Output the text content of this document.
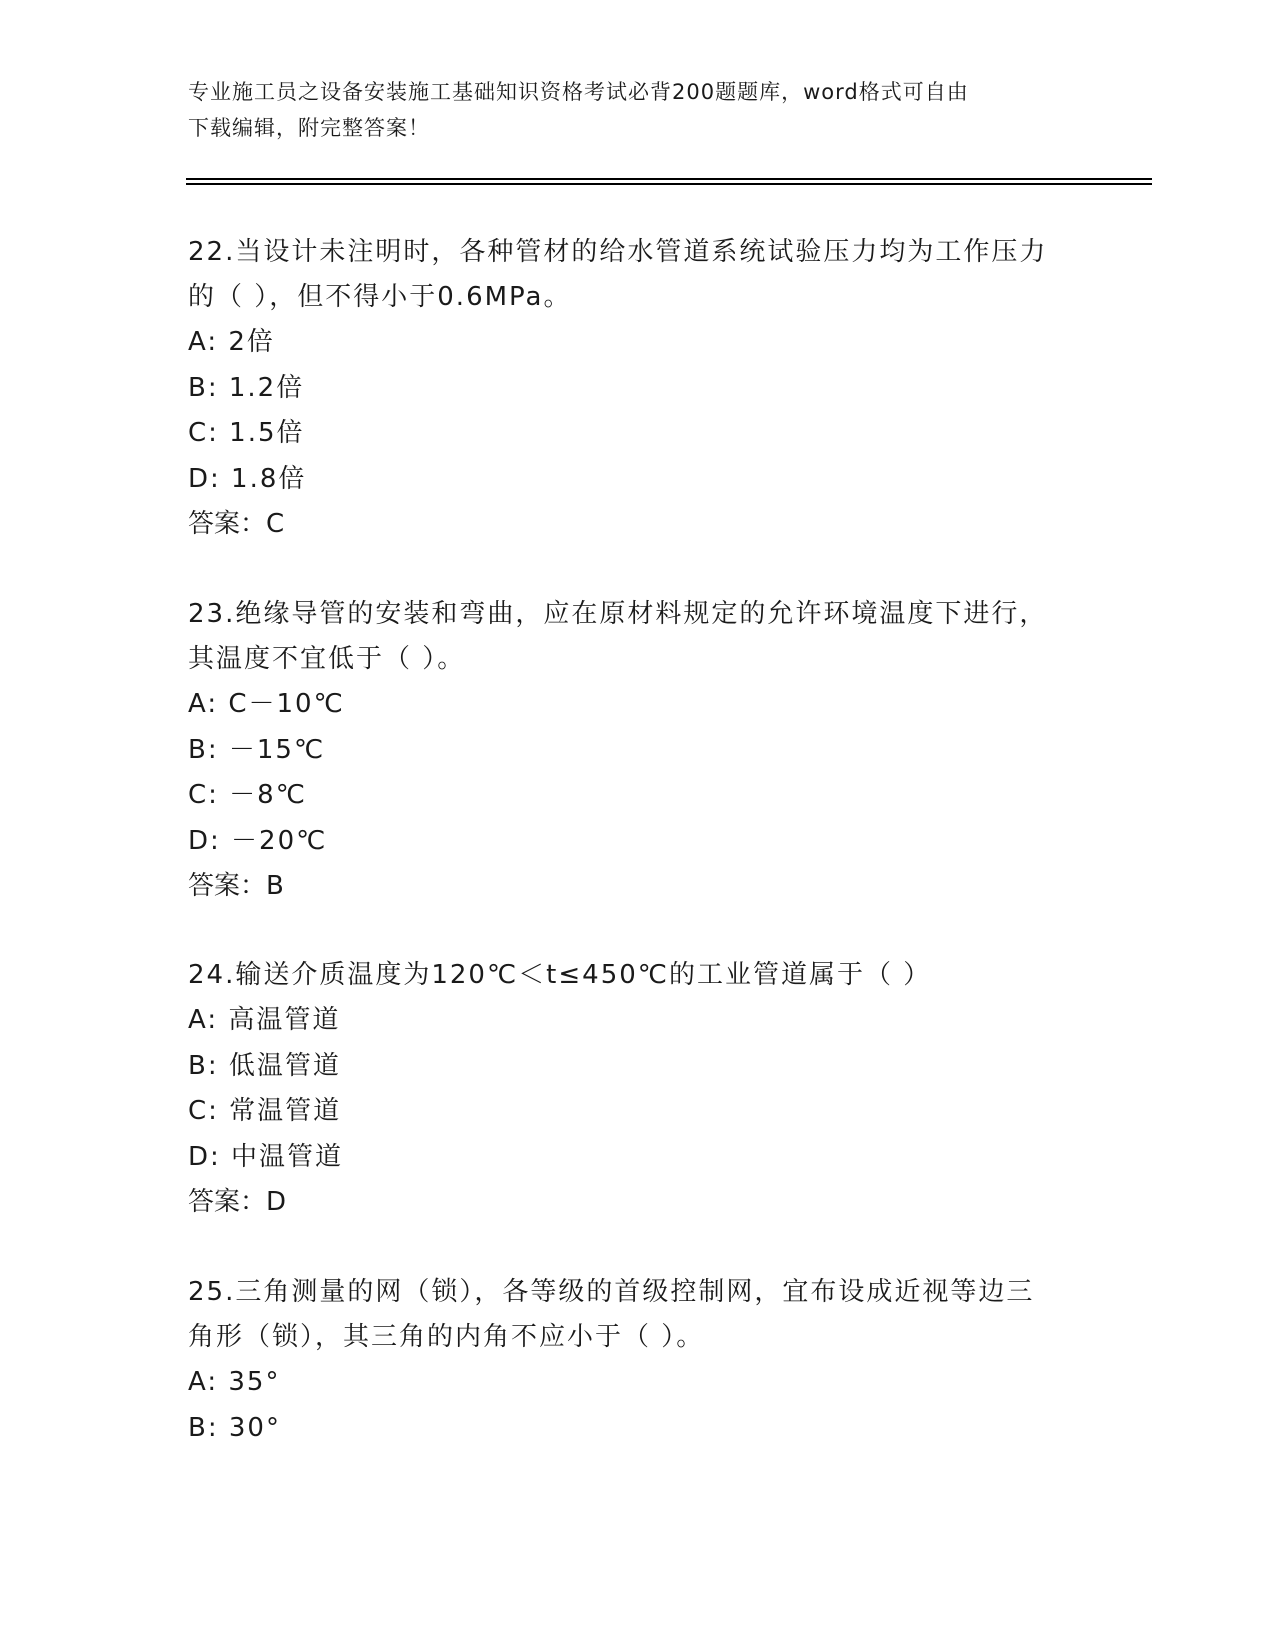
专业施工员之设备安装施工基础知识资格考试必背200题题库，word格式可自由
下载编辑，附完整答案！
22.当设计未注明时，各种管材的给水管道系统试验压力均为工作压力
的（ ），但不得小于0.6MPa。
A: 2倍
B: 1.2倍
C: 1.5倍
D: 1.8倍
答案：C
23.绝缘导管的安装和弯曲，应在原材料规定的允许环境温度下进行，
其温度不宜低于（ ）。
A: C－10℃
B: －15℃
C: －8℃
D: －20℃
答案：B
24.输送介质温度为120℃＜t≤450℃的工业管道属于（ ）
A: 高温管道
B: 低温管道
C: 常温管道
D: 中温管道
答案：D
25.三角测量的网（锁），各等级的首级控制网，宜布设成近视等边三
角形（锁），其三角的内角不应小于（ ）。
A: 35°
B: 30°
